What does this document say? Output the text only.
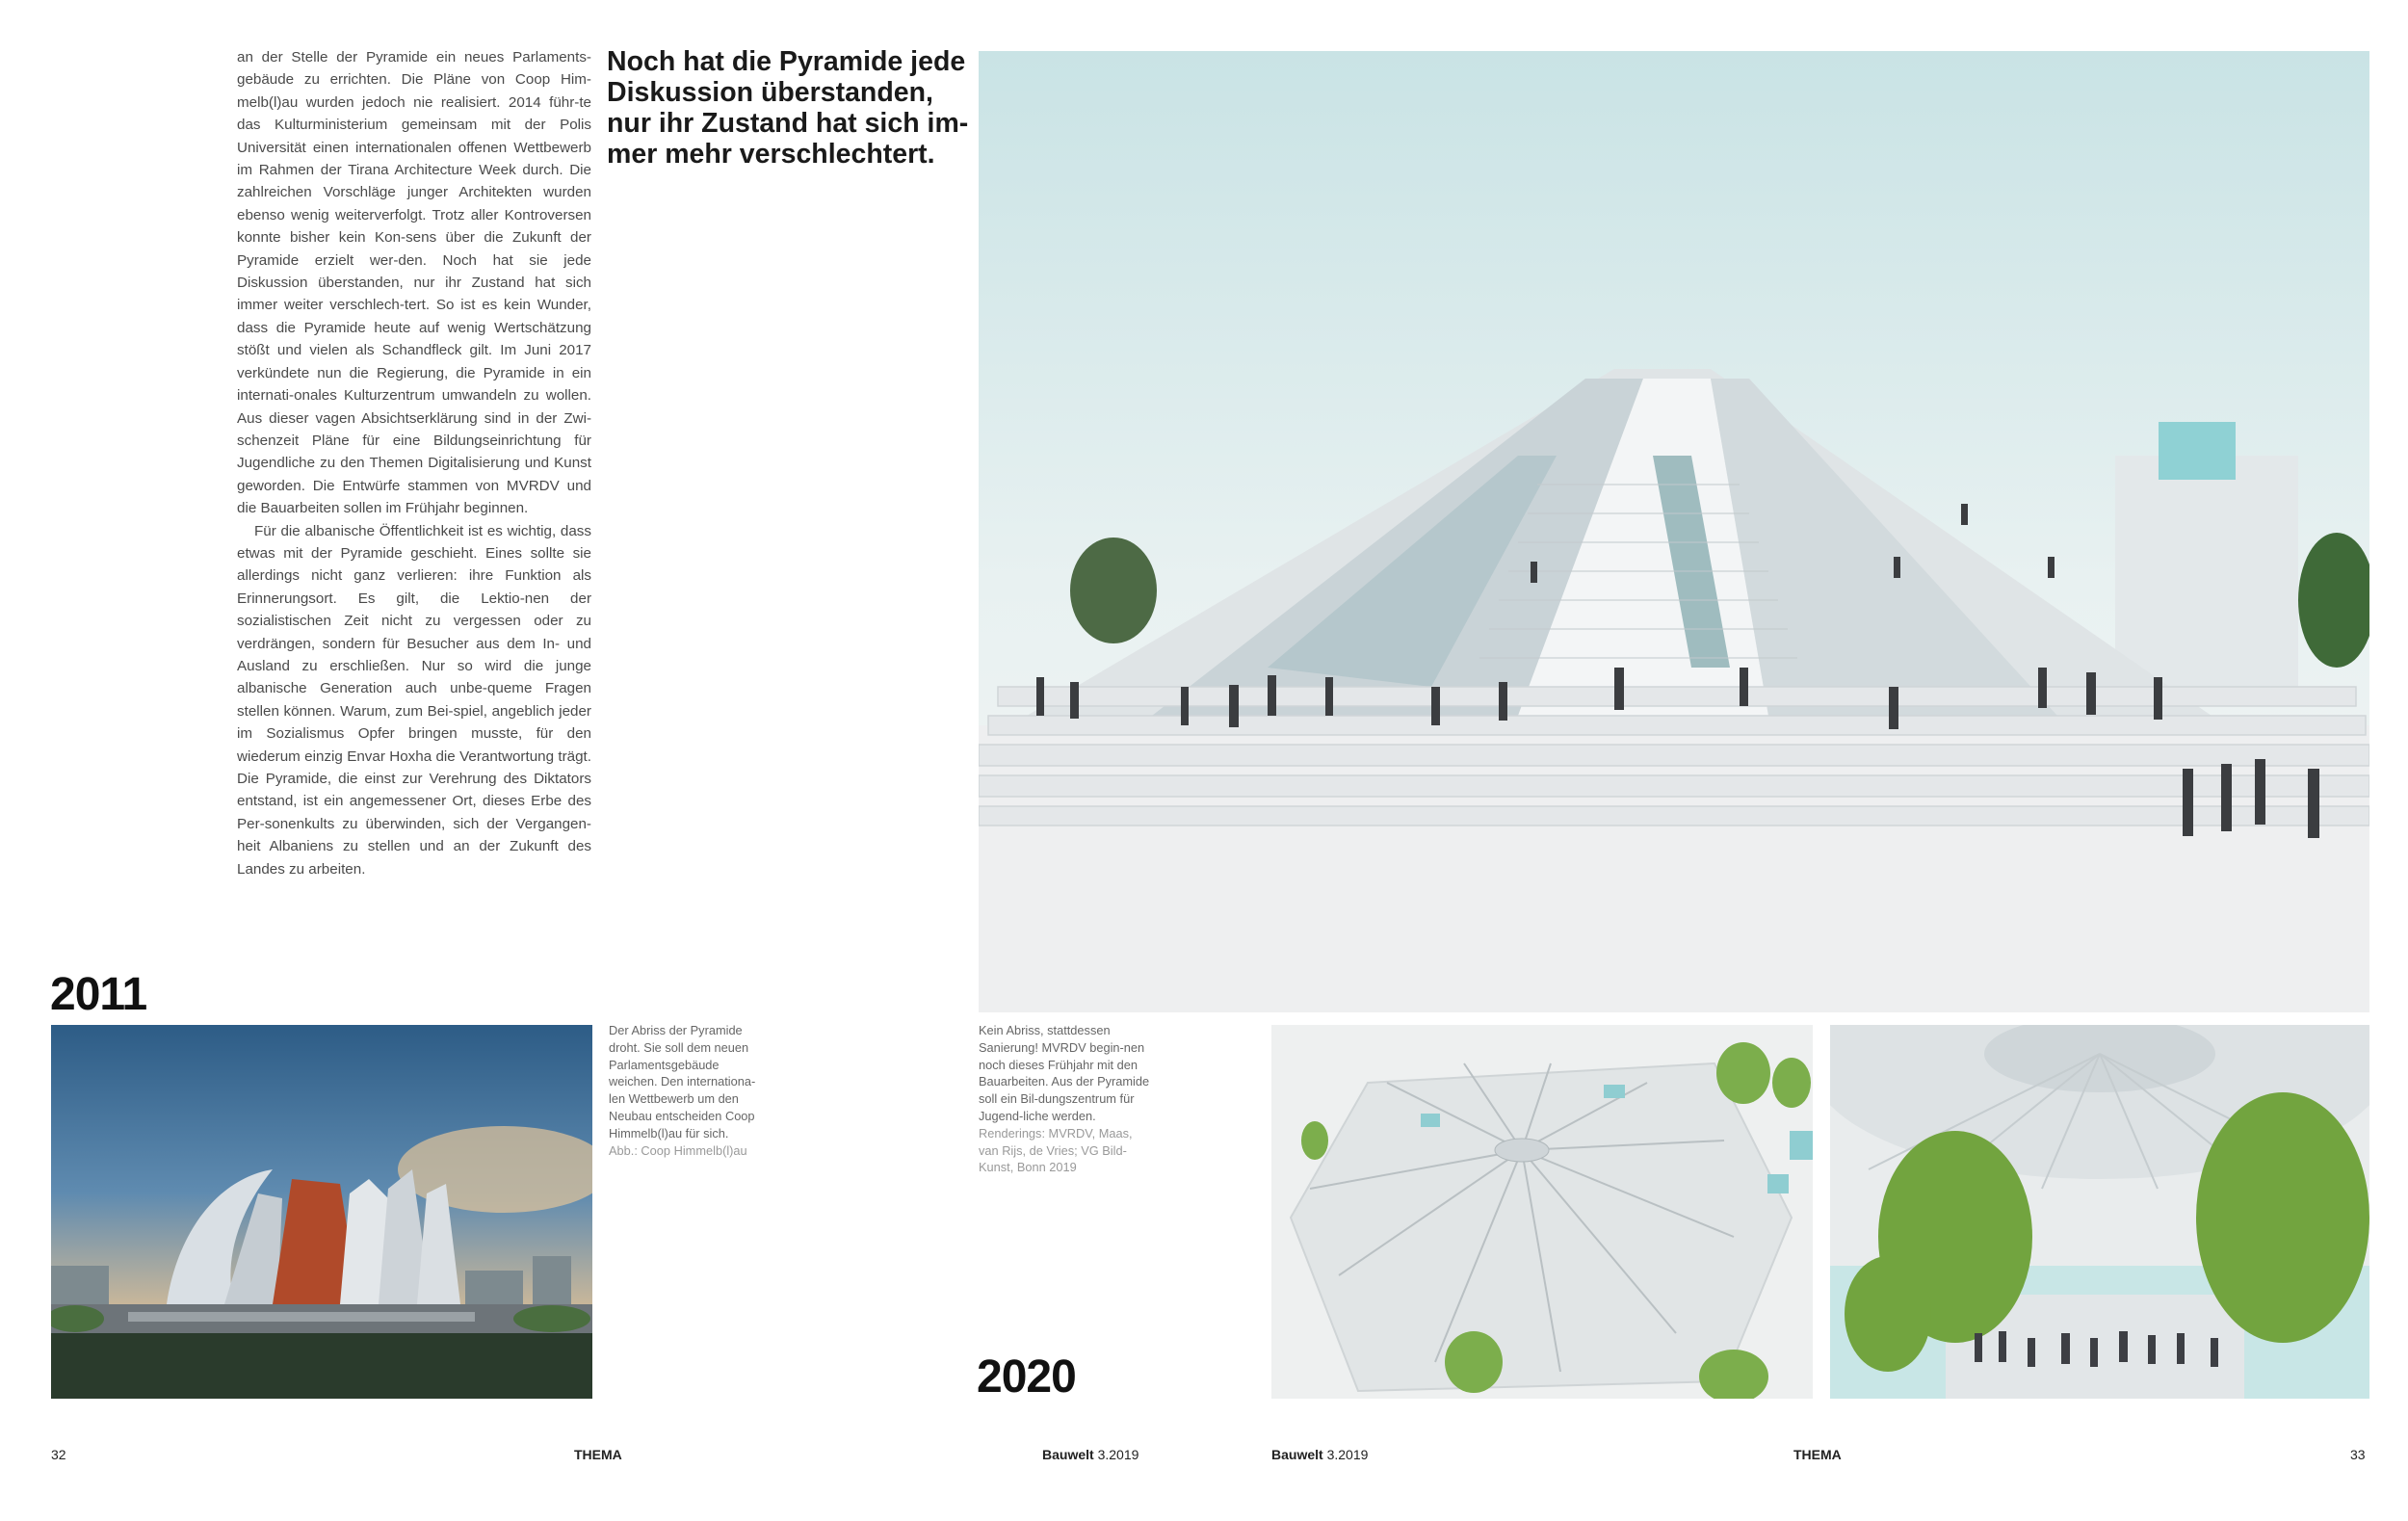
an der Stelle der Pyramide ein neues Parlaments-gebäude zu errichten. Die Pläne von Coop Him-melb(l)au wurden jedoch nie realisiert. 2014 führ-te das Kulturministerium gemeinsam mit der Polis Universität einen internationalen offenen Wettbewerb im Rahmen der Tirana Architecture Week durch. Die zahlreichen Vorschläge junger Architekten wurden ebenso wenig weiterverfolgt. Trotz aller Kontroversen konnte bisher kein Kon-sens über die Zukunft der Pyramide erzielt wer-den. Noch hat sie jede Diskussion überstanden, nur ihr Zustand hat sich immer weiter verschlech-tert. So ist es kein Wunder, dass die Pyramide heute auf wenig Wertschätzung stößt und vielen als Schandfleck gilt. Im Juni 2017 verkündete nun die Regierung, die Pyramide in ein internati-onales Kulturzentrum umwandeln zu wollen. Aus dieser vagen Absichtserklärung sind in der Zwi-schenzeit Pläne für eine Bildungseinrichtung für Jugendliche zu den Themen Digitalisierung und Kunst geworden. Die Entwürfe stammen von MVRDV und die Bauarbeiten sollen im Frühjahr beginnen.

Für die albanische Öffentlichkeit ist es wichtig, dass etwas mit der Pyramide geschieht. Eines sollte sie allerdings nicht ganz verlieren: ihre Funktion als Erinnerungsort. Es gilt, die Lektio-nen der sozialistischen Zeit nicht zu vergessen oder zu verdrängen, sondern für Besucher aus dem In- und Ausland zu erschließen. Nur so wird die junge albanische Generation auch unbe-queme Fragen stellen können. Warum, zum Bei-spiel, angeblich jeder im Sozialismus Opfer bringen musste, für den wiederum einzig Envar Hoxha die Verantwortung trägt. Die Pyramide, die einst zur Verehrung des Diktators entstand, ist ein angemessener Ort, dieses Erbe des Per-sonenkults zu überwinden, sich der Vergangen-heit Albaniens zu stellen und an der Zukunft des Landes zu arbeiten.

Noch hat die Pyramide jede Diskussion überstanden, nur ihr Zustand hat sich im-mer mehr verschlechtert.
2011
Der Abriss der Pyramide droht. Sie soll dem neuen Parlamentsgebäude weichen. Den internationa-len Wettbewerb um den Neubau entscheiden Coop Himmelb(l)au für sich.
Abb.: Coop Himmelb(l)au
Kein Abriss, stattdessen Sanierung! MVRDV begin-nen noch dieses Frühjahr mit den Bauarbeiten. Aus der Pyramide soll ein Bil-dungszentrum für Jugend-liche werden.
Renderings: MVRDV, Maas, van Rijs, de Vries; VG Bild-Kunst, Bonn 2019
2020
32	THEMA	Bauwelt 3.2019	Bauwelt 3.2019	THEMA	33
